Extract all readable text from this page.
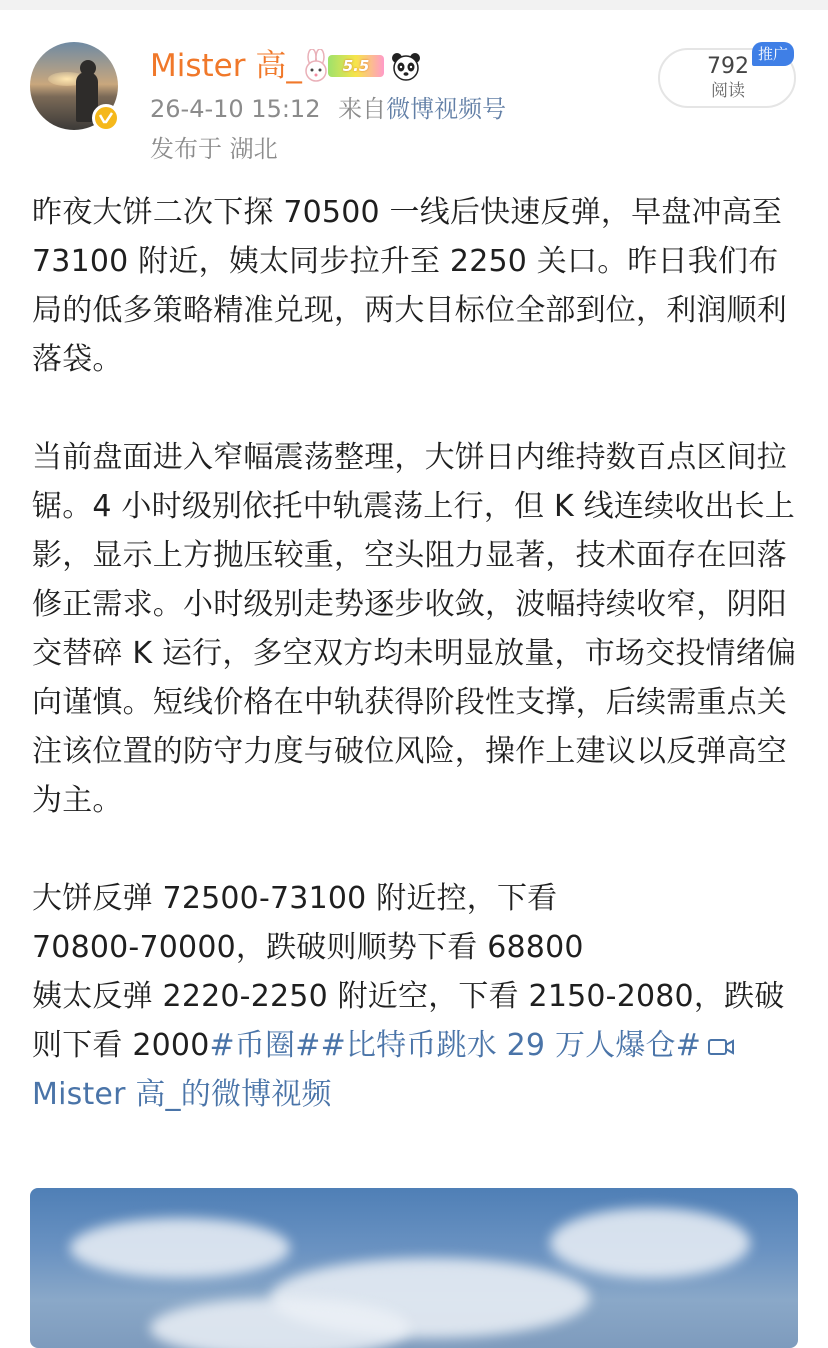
Mister 高_	5.5
26-4-10 15:12 来自微博视频号
发布于 湖北
792
阅读
推广

昨夜大饼二次下探 70500 一线后快速反弹，早盘冲高至 73100 附近，姨太同步拉升至 2250 关口。昨日我们布局的低多策略精准兑现，两大目标位全部到位，利润顺利落袋。

当前盘面进入窄幅震荡整理，大饼日内维持数百点区间拉锯。4 小时级别依托中轨震荡上行，但 K 线连续收出长上影，显示上方抛压较重，空头阻力显著，技术面存在回落修正需求。小时级别走势逐步收敛，波幅持续收窄，阴阳交替碎 K 运行，多空双方均未明显放量，市场交投情绪偏向谨慎。短线价格在中轨获得阶段性支撑，后续需重点关注该位置的防守力度与破位风险，操作上建议以反弹高空为主。

大饼反弹 72500-73100 附近控，下看

70800-70000，跌破则顺势下看 68800

姨太反弹 2220-2250 附近空，下看 2150-2080，跌破则下看 2000#币圈##比特币跳水 29 万人爆仓#

Mister 高_的微博视频
